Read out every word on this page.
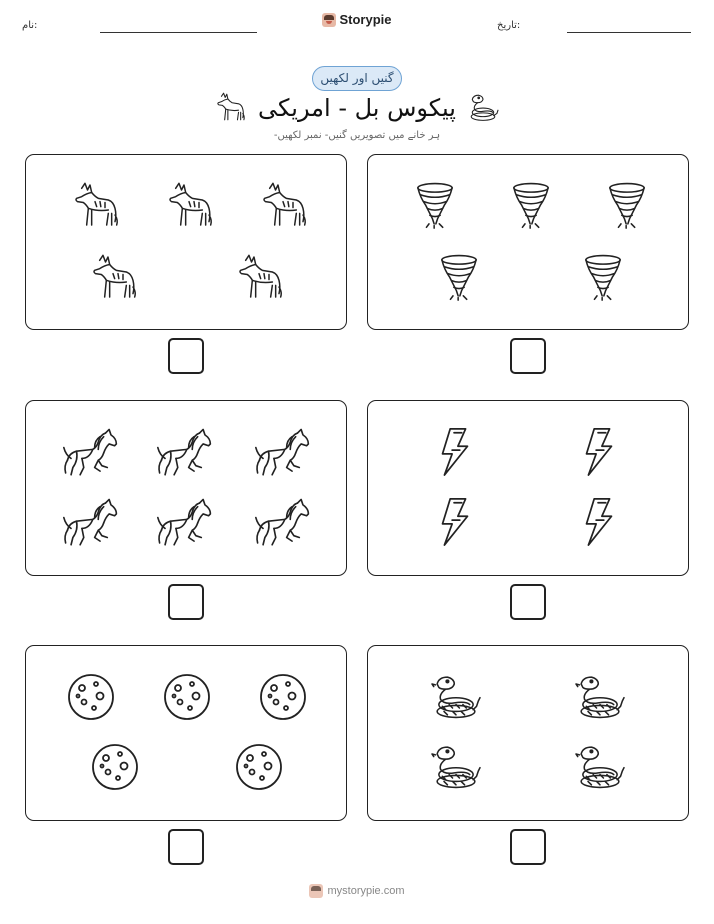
نام:	Storypie	تاریخ:
گنیں اور لکھیں
پیکوس بل - امریکی
ہر خانے میں تصویریں گنیں- نمبر لکھیں-
mystorypie.com
